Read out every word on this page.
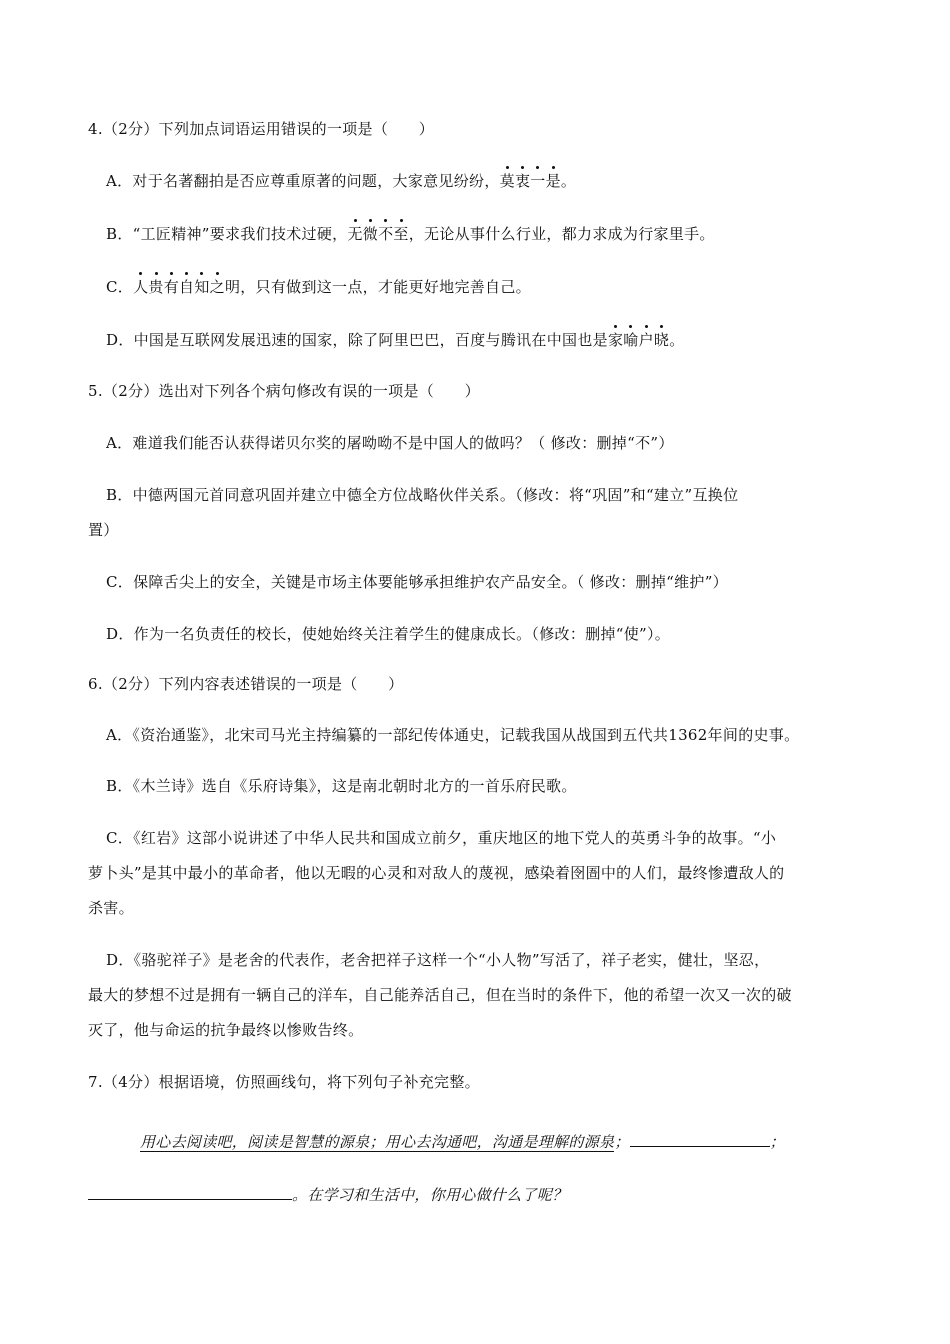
4.（2分）下列加点词语运用错误的一项是（　　）
A．对于名著翻拍是否应尊重原著的问题，大家意见纷纷，莫衷一是。
B．“工匠精神”要求我们技术过硬，无微不至，无论从事什么行业，都力求成为行家里手。
C．人贵有自知之明，只有做到这一点，才能更好地完善自己。
D．中国是互联网发展迅速的国家，除了阿里巴巴，百度与腾讯在中国也是家喻户晓。
5.（2分）选出对下列各个病句修改有误的一项是（　　）
A．难道我们能否认获得诺贝尔奖的屠呦呦不是中国人的做吗？（ 修改：删掉“不”）
B．中德两国元首同意巩固并建立中德全方位战略伙伴关系。（修改：将“巩固”和“建立”互换位
置）
C．保障舌尖上的安全，关键是市场主体要能够承担维护农产品安全。（ 修改：删掉“维护”）
D．作为一名负责任的校长，使她始终关注着学生的健康成长。（修改：删掉“使”）。
6.（2分）下列内容表述错误的一项是（　　）
A．《资治通鉴》，北宋司马光主持编纂的一部纪传体通史，记载我国从战国到五代共1362年间的史事。
B．《木兰诗》选自《乐府诗集》，这是南北朝时北方的一首乐府民歌。
C．《红岩》这部小说讲述了中华人民共和国成立前夕，重庆地区的地下党人的英勇斗争的故事。“小
萝卜头”是其中最小的革命者，他以无暇的心灵和对敌人的蔑视，感染着囹圄中的人们，最终惨遭敌人的
杀害。
D．《骆驼祥子》是老舍的代表作，老舍把祥子这样一个“小人物”写活了，祥子老实，健壮，坚忍，
最大的梦想不过是拥有一辆自己的洋车，自己能养活自己，但在当时的条件下，他的希望一次又一次的破
灭了，他与命运的抗争最终以惨败告终。
7.（4分）根据语境，仿照画线句，将下列句子补充完整。
用心去阅读吧，阅读是智慧的源泉；用心去沟通吧，沟通是理解的源泉；	；
。在学习和生活中，你用心做什么了呢？
